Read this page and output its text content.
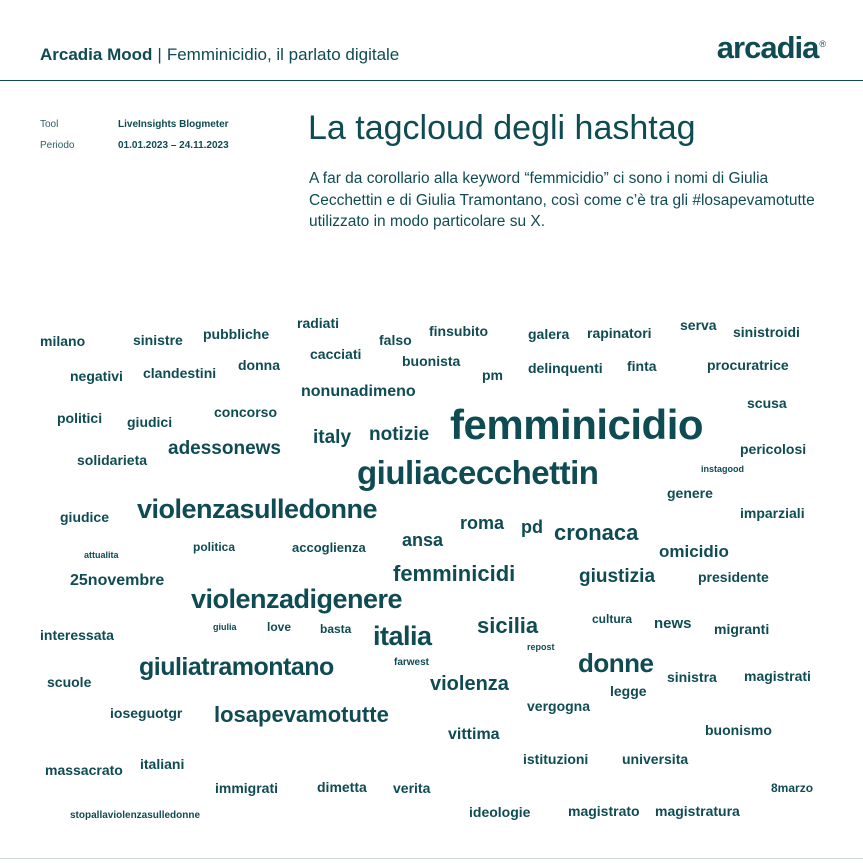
Arcadia Mood | Femminicidio, il parlato digitale	arcadia®
Tool	LiveInsights Blogmeter
Periodo	01.01.2023 – 24.11.2023 La tagcloud degli hashtag

A far da corollario alla keyword “femmicidio” ci sono i nomi di Giulia Cecchettin e di Giulia Tramontano, così come c’è tra gli #losapevamotutte utilizzato in modo particolare su X.

milano	sinistre pubbliche
radiati
falso
finsubito	galera rapinatori serva sinistroidi
negativi clandestini donna
cacciati	buonista
pm delinquenti finta	procuratrice
nonunadimeno
politici giudici
concorso	femminicidio	scusa
italy notizie
adessonews	pericolosi
solidarieta	giuliacecchettin	instagood
genere
violenzasulledonne
giudice	roma pd
imparziali
cronaca
ansa
attualita
politica	accoglienza	omicidio
femminicidi
25novembre	giustizia	presidente
violenzadigenere
cultura
sicilia	news
interessata	giulia	love basta italia	migranti
repost
donne
giuliatramontano	farwest
scuole	sinistra magistrati
violenza	legge
vergogna
ioseguotgr losapevamotutte
vittima	buonismo
massacrato italiani	istituzioni universita
immigrati	dimetta verita	8marzo
ideologie	magistrato magistratura
stopallaviolenzasulledonne
